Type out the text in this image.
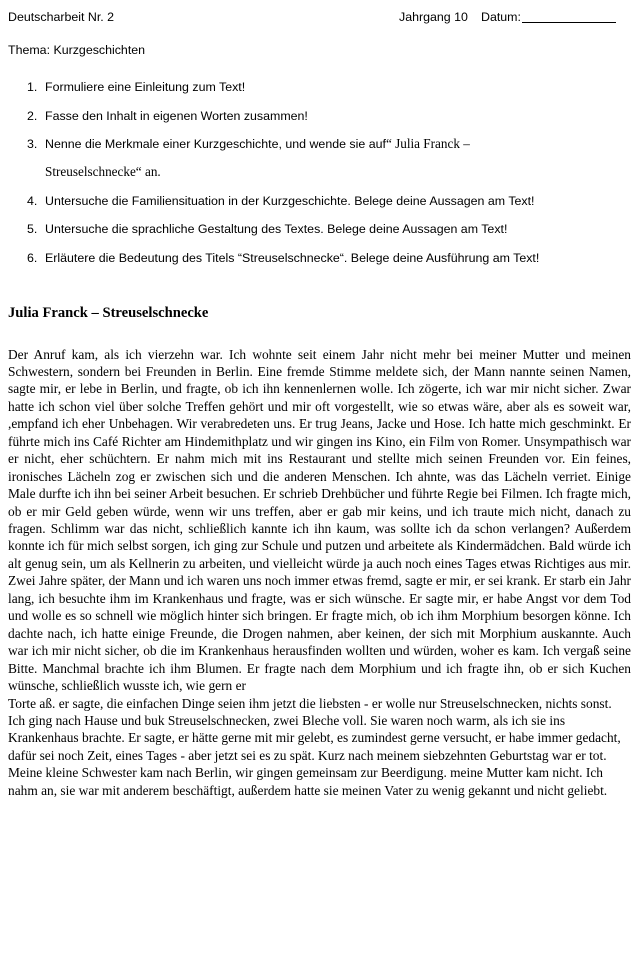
Deutscharbeit Nr. 2	Jahrgang 10 Datum:
Thema: Kurzgeschichten
1. Formuliere eine Einleitung zum Text!
2. Fasse den Inhalt in eigenen Worten zusammen!
3. Nenne die Merkmale einer Kurzgeschichte, und wende sie auf“ Julia Franck –
Streuselschnecke“ an.
4. Untersuche die Familiensituation in der Kurzgeschichte. Belege deine Aussagen am Text!
5. Untersuche die sprachliche Gestaltung des Textes. Belege deine Aussagen am Text!
6. Erläutere die Bedeutung des Titels “Streuselschnecke“. Belege deine Ausführung am Text!
Julia Franck – Streuselschnecke

Der Anruf kam, als ich vierzehn war. Ich wohnte seit einem Jahr nicht mehr bei meiner Mutter und meinen Schwestern, sondern bei Freunden in Berlin. Eine fremde Stimme meldete sich, der Mann nannte seinen Namen, sagte mir, er lebe in Berlin, und fragte, ob ich ihn kennenlernen wolle. Ich zögerte, ich war mir nicht sicher. Zwar hatte ich schon viel über solche Treffen gehört und mir oft vorgestellt, wie so etwas wäre, aber als es soweit war, ,empfand ich eher Unbehagen. Wir verabredeten uns. Er trug Jeans, Jacke und Hose. Ich hatte mich geschminkt. Er führte mich ins Café Richter am Hindemithplatz und wir gingen ins Kino, ein Film von Romer. Unsympathisch war er nicht, eher schüchtern. Er nahm mich mit ins Restaurant und stellte mich seinen Freunden vor. Ein feines, ironisches Lächeln zog er zwischen sich und die anderen Menschen. Ich ahnte, was das Lächeln verriet. Einige Male durfte ich ihn bei seiner Arbeit besuchen. Er schrieb Drehbücher und führte Regie bei Filmen. Ich fragte mich, ob er mir Geld geben würde, wenn wir uns treffen, aber er gab mir keins, und ich traute mich nicht, danach zu fragen. Schlimm war das nicht, schließlich kannte ich ihn kaum, was sollte ich da schon verlangen? Außerdem konnte ich für mich selbst sorgen, ich ging zur Schule und putzen und arbeitete als Kindermädchen. Bald würde ich alt genug sein, um als Kellnerin zu arbeiten, und vielleicht würde ja auch noch eines Tages etwas Richtiges aus mir. Zwei Jahre später, der Mann und ich waren uns noch immer etwas fremd, sagte er mir, er sei krank. Er starb ein Jahr lang, ich besuchte ihm im Krankenhaus und fragte, was er sich wünsche. Er sagte mir, er habe Angst vor dem Tod und wolle es so schnell wie möglich hinter sich bringen. Er fragte mich, ob ich ihm Morphium besorgen könne. Ich dachte nach, ich hatte einige Freunde, die Drogen nahmen, aber keinen, der sich mit Morphium auskannte. Auch war ich mir nicht sicher, ob die im Krankenhaus herausfinden wollten und würden, woher es kam. Ich vergaß seine Bitte. Manchmal brachte ich ihm Blumen. Er fragte nach dem Morphium und ich fragte ihn, ob er sich Kuchen wünsche, schließlich wusste ich, wie gern er

Torte aß. er sagte, die einfachen Dinge seien ihm jetzt die liebsten - er wolle nur Streuselschnecken, nichts sonst. Ich ging nach Hause und buk Streuselschnecken, zwei Bleche voll. Sie waren noch warm, als ich sie ins Krankenhaus brachte. Er sagte, er hätte gerne mit mir gelebt, es zumindest gerne versucht, er habe immer gedacht, dafür sei noch Zeit, eines Tages - aber jetzt sei es zu spät. Kurz nach meinem siebzehnten Geburtstag war er tot. Meine kleine Schwester kam nach Berlin, wir gingen gemeinsam zur Beerdigung. meine Mutter kam nicht. Ich nahm an, sie war mit anderem beschäftigt, außerdem hatte sie meinen Vater zu wenig gekannt und nicht geliebt.
